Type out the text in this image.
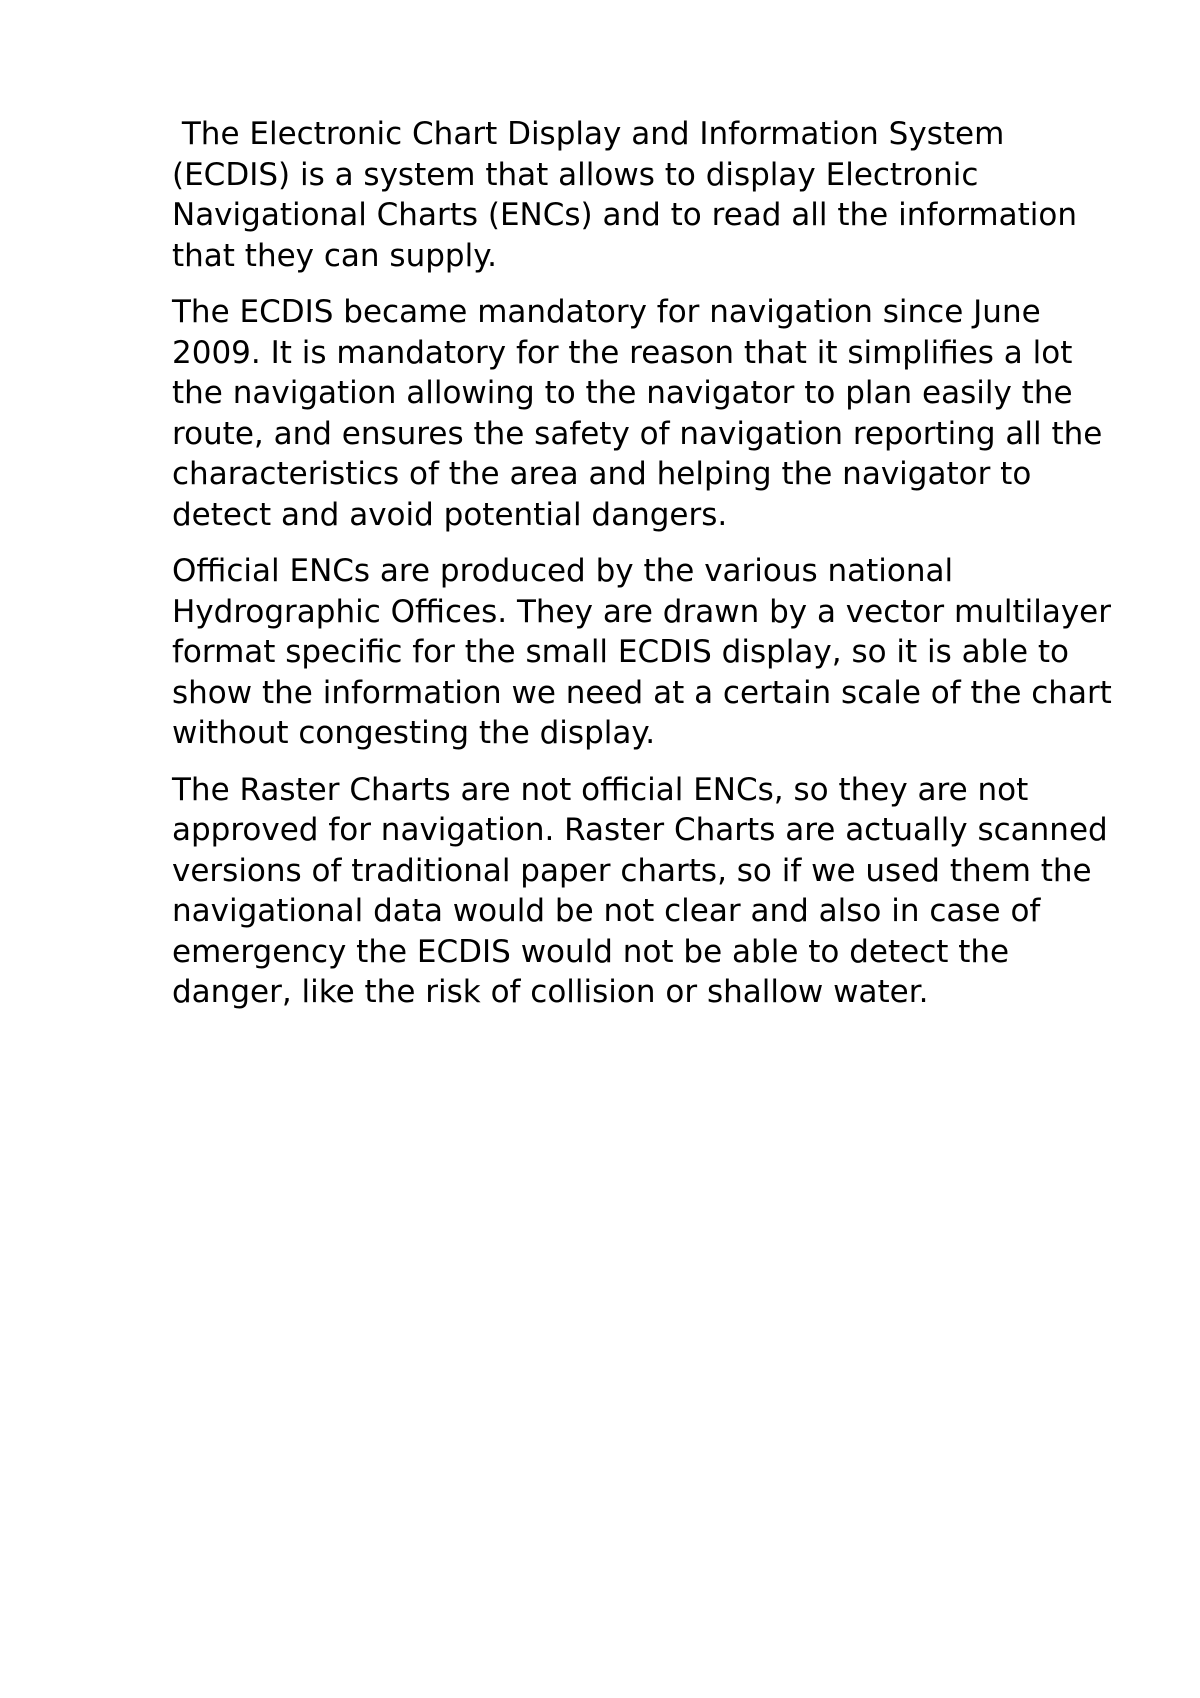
The Electronic Chart Display and Information System (ECDIS) is a system that allows to display Electronic Navigational Charts (ENCs) and to read all the information that they can supply.

The ECDIS became mandatory for navigation since June 2009. It is mandatory for the reason that it simplifies a lot the navigation allowing to the navigator to plan easily the route, and ensures the safety of navigation reporting all the characteristics of the area and helping the navigator to detect and avoid potential dangers.

Official ENCs are produced by the various national Hydrographic Offices. They are drawn by a vector multilayer format specific for the small ECDIS display, so it is able to show the information we need at a certain scale of the chart without congesting the display.

The Raster Charts are not official ENCs, so they are not approved for navigation. Raster Charts are actually scanned versions of traditional paper charts, so if we used them the navigational data would be not clear and also in case of emergency the ECDIS would not be able to detect the danger, like the risk of collision or shallow water.
